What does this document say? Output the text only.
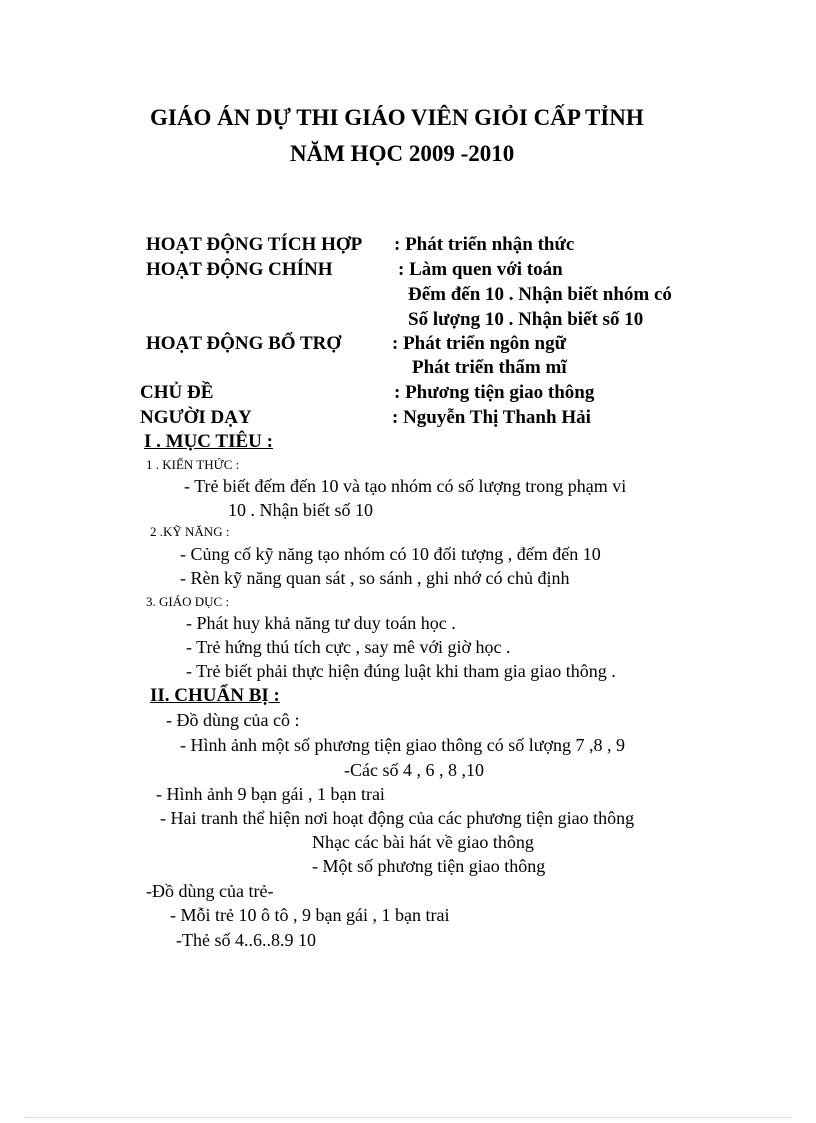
GIÁO ÁN DỰ THI GIÁO VIÊN GIỎI CẤP TỈNH
NĂM HỌC 2009 -2010
HOẠT ĐỘNG TÍCH HỢP : Phát triển nhận thức
HOẠT ĐỘNG CHÍNH	: Làm quen với toán
Đếm đến 10 . Nhận biết nhóm có
Số lượng 10 . Nhận biết số 10
HOẠT ĐỘNG BỔ TRỢ	: Phát triển ngôn ngữ
Phát triển thẩm mĩ
CHỦ ĐỀ	: Phương tiện giao thông
NGƯỜI DẠY	: Nguyễn Thị Thanh Hải
I . MỤC TIÊU :
1 . KIẾN THỨC :
- Trẻ biết đếm đến 10 và tạo nhóm có số lượng trong phạm vi
10 . Nhận biết số 10
2 .KỸ NĂNG :
- Củng cố kỹ năng tạo nhóm có 10 đối tượng , đếm đến 10
- Rèn kỹ năng quan sát , so sánh , ghi nhớ có chủ định
3. GIÁO DỤC :
- Phát huy khả năng tư duy toán học .
- Trẻ hứng thú tích cực , say mê với giờ học .
- Trẻ biết phải thực hiện đúng luật khi tham gia giao thông .
II. CHUẨN BỊ :
- Đồ dùng của cô :
- Hình ảnh một số phương tiện giao thông có số lượng 7 ,8 , 9
-Các số 4 , 6 , 8 ,10
- Hình ảnh 9 bạn gái , 1 bạn trai
- Hai tranh thể hiện nơi hoạt động của các phương tiện giao thông
Nhạc các bài hát về giao thông
- Một số phương tiện giao thông
-Đồ dùng của trẻ-
- Mỗi trẻ 10 ô tô , 9 bạn gái , 1 bạn trai
-Thẻ số 4..6..8.9 10
